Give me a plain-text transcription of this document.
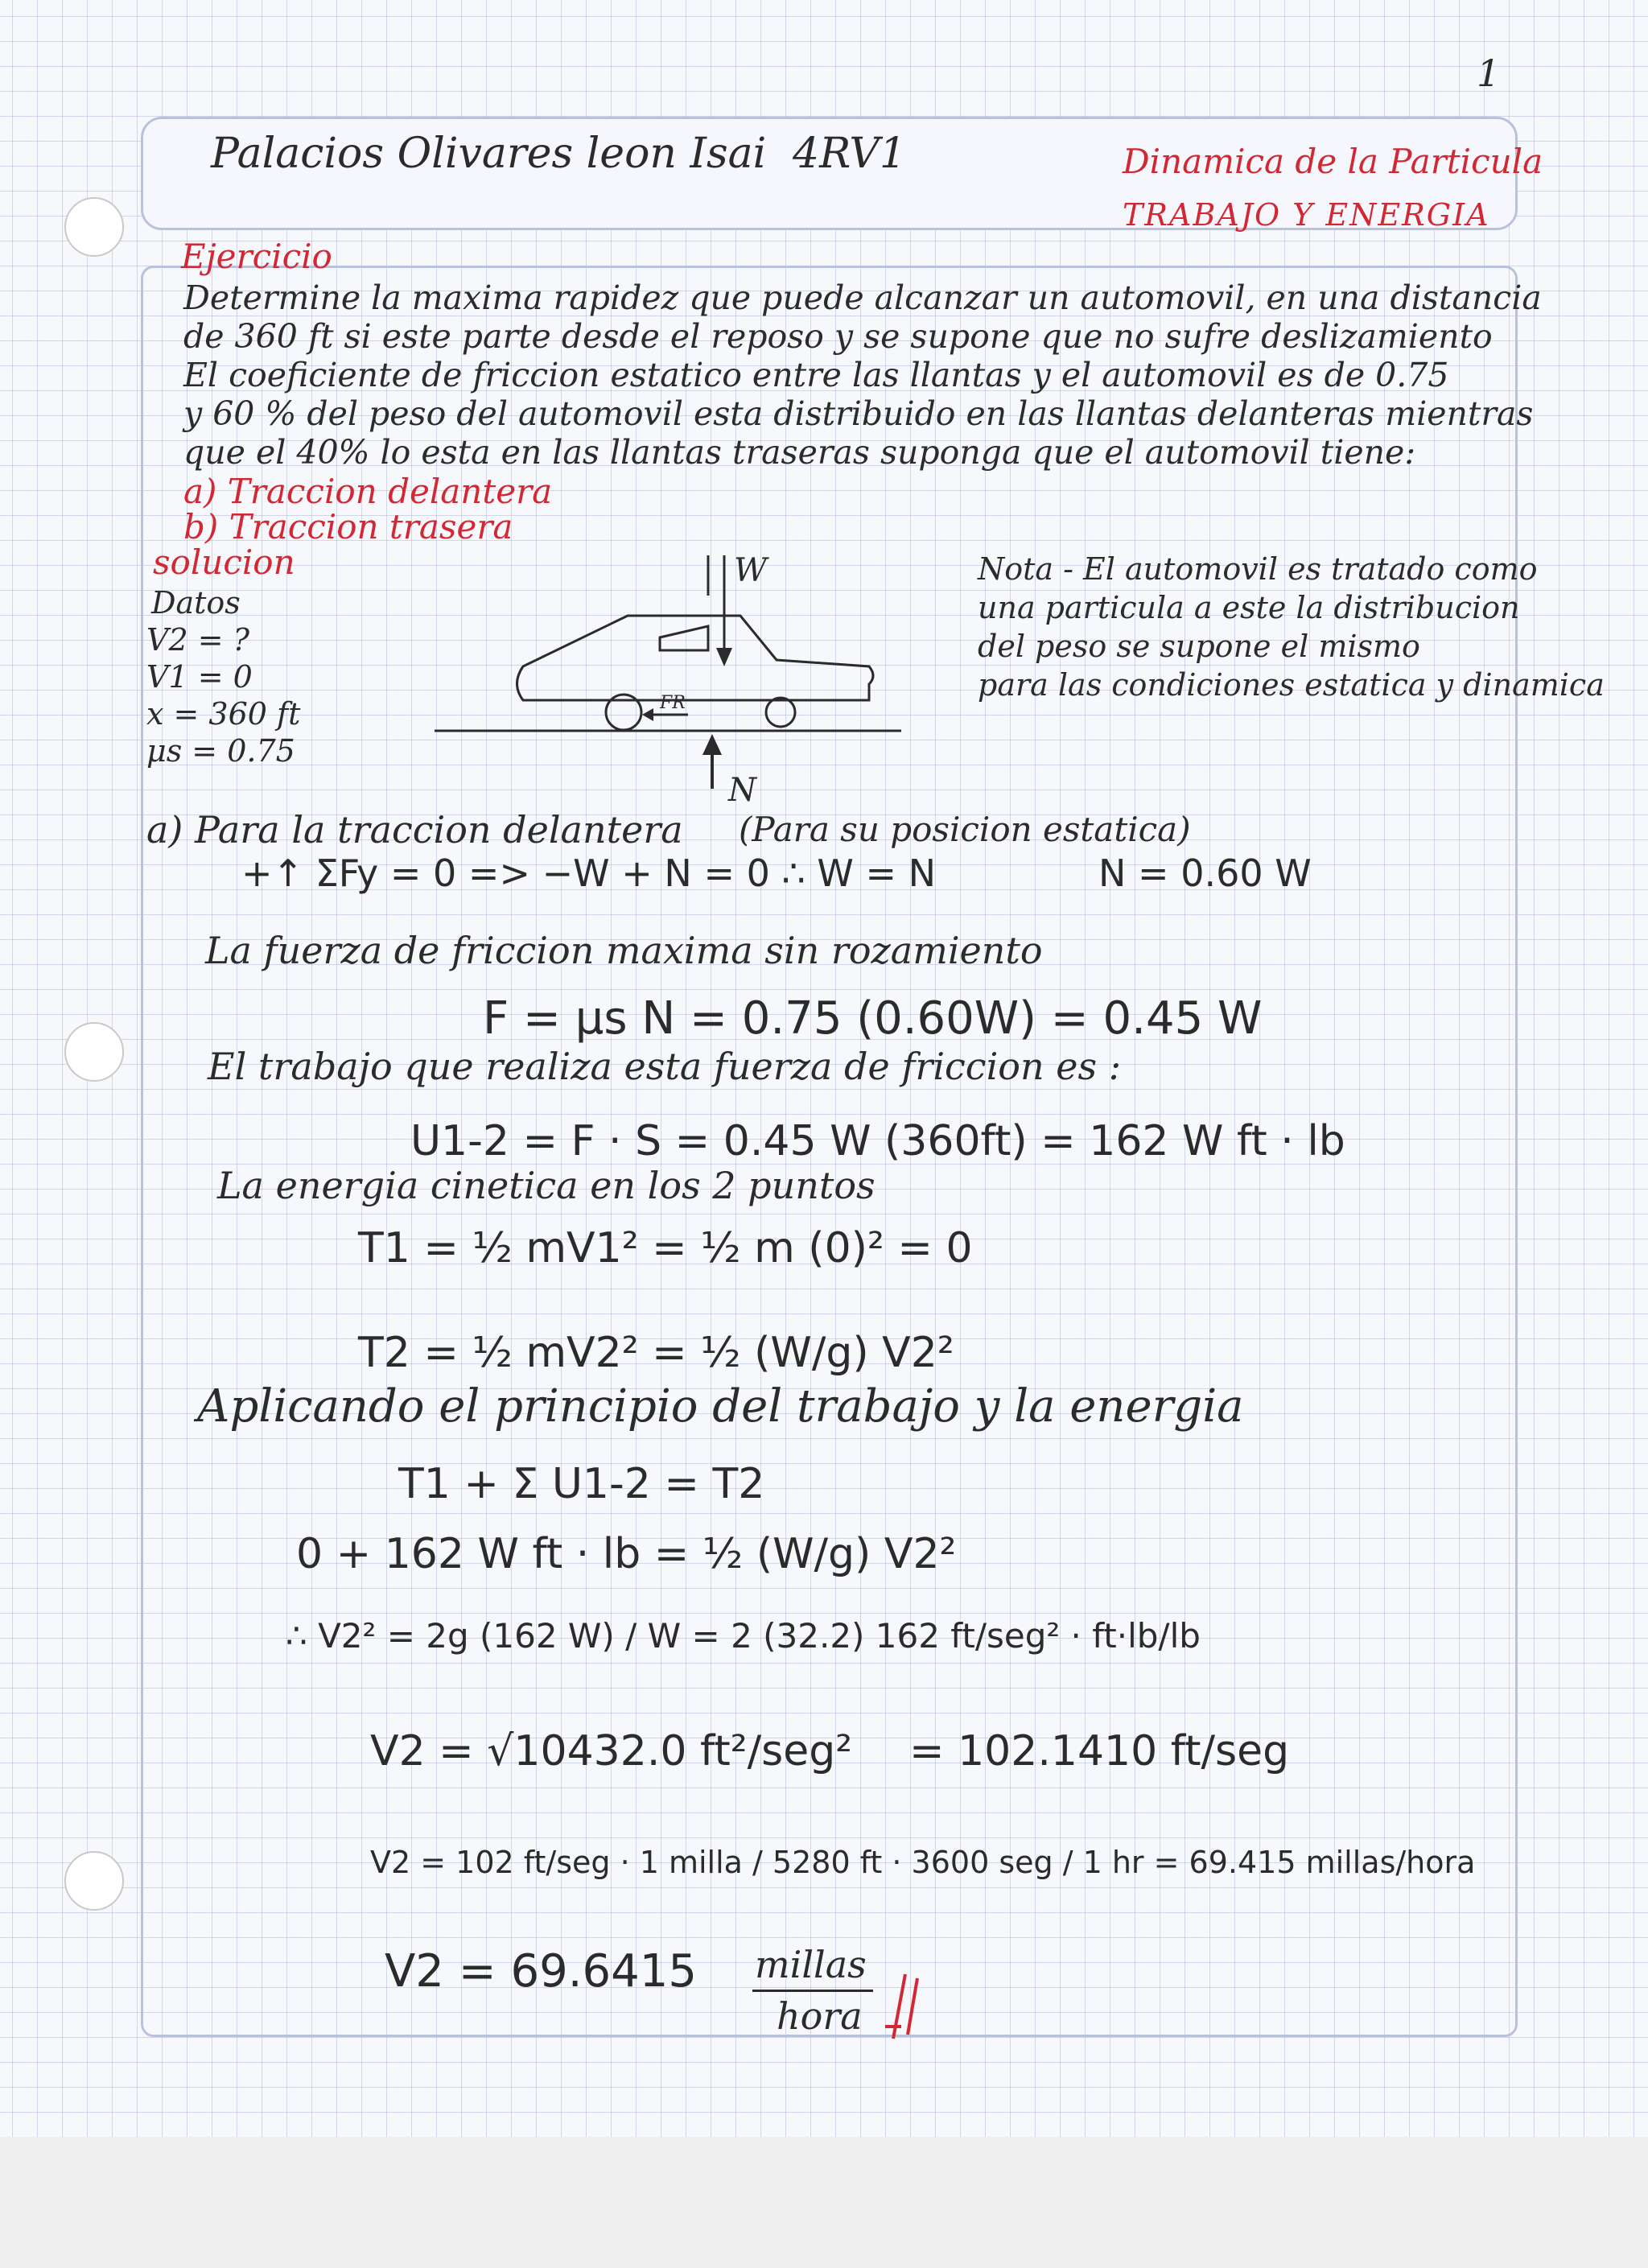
1
Palacios Olivares leon Isai 4RV1	Dinamica de la Particula
TRABAJO Y ENERGIA
Ejercicio
Determine la maxima rapidez que puede alcanzar un automovil, en una distancia
de 360 ft si este parte desde el reposo y se supone que no sufre deslizamiento
El coeficiente de friccion estatico entre las llantas y el automovil es de 0.75
y 60 % del peso del automovil esta distribuido en las llantas delanteras mientras
que el 40% lo esta en las llantas traseras suponga que el automovil tiene:
a) Traccion delantera
b) Traccion trasera
solucion
Datos
V2 = ?
V1 = 0
x = 360 ft
μs = 0.75
W
N
FR
Nota - El automovil es tratado como
una particula a este la distribucion
del peso se supone el mismo
para las condiciones estatica y dinamica
a) Para la traccion delantera (Para su posicion estatica)
+↑ ΣFy = 0 => −W + N = 0 ∴ W = N	N = 0.60 W
La fuerza de friccion maxima sin rozamiento
F = μs N = 0.75 (0.60W) = 0.45 W
El trabajo que realiza esta fuerza de friccion es :
U1-2 = F · S = 0.45 W (360ft) = 162 W ft · lb
La energia cinetica en los 2 puntos
T1 = ½ mV1² = ½ m (0)² = 0
T2 = ½ mV2² = ½ (W/g) V2²
Aplicando el principio del trabajo y la energia
T1 + Σ U1-2 = T2
0 + 162 W ft · lb = ½ (W/g) V2²
∴ V2² = 2g (162 W) / W = 2 (32.2) 162 ft/seg² · ft·lb/lb
V2 = √10432.0 ft²/seg² = 102.1410 ft/seg
V2 = 102 ft/seg · 1 milla / 5280 ft · 3600 seg / 1 hr = 69.415 millas/hora
V2 = 69.6415 millas
hora
